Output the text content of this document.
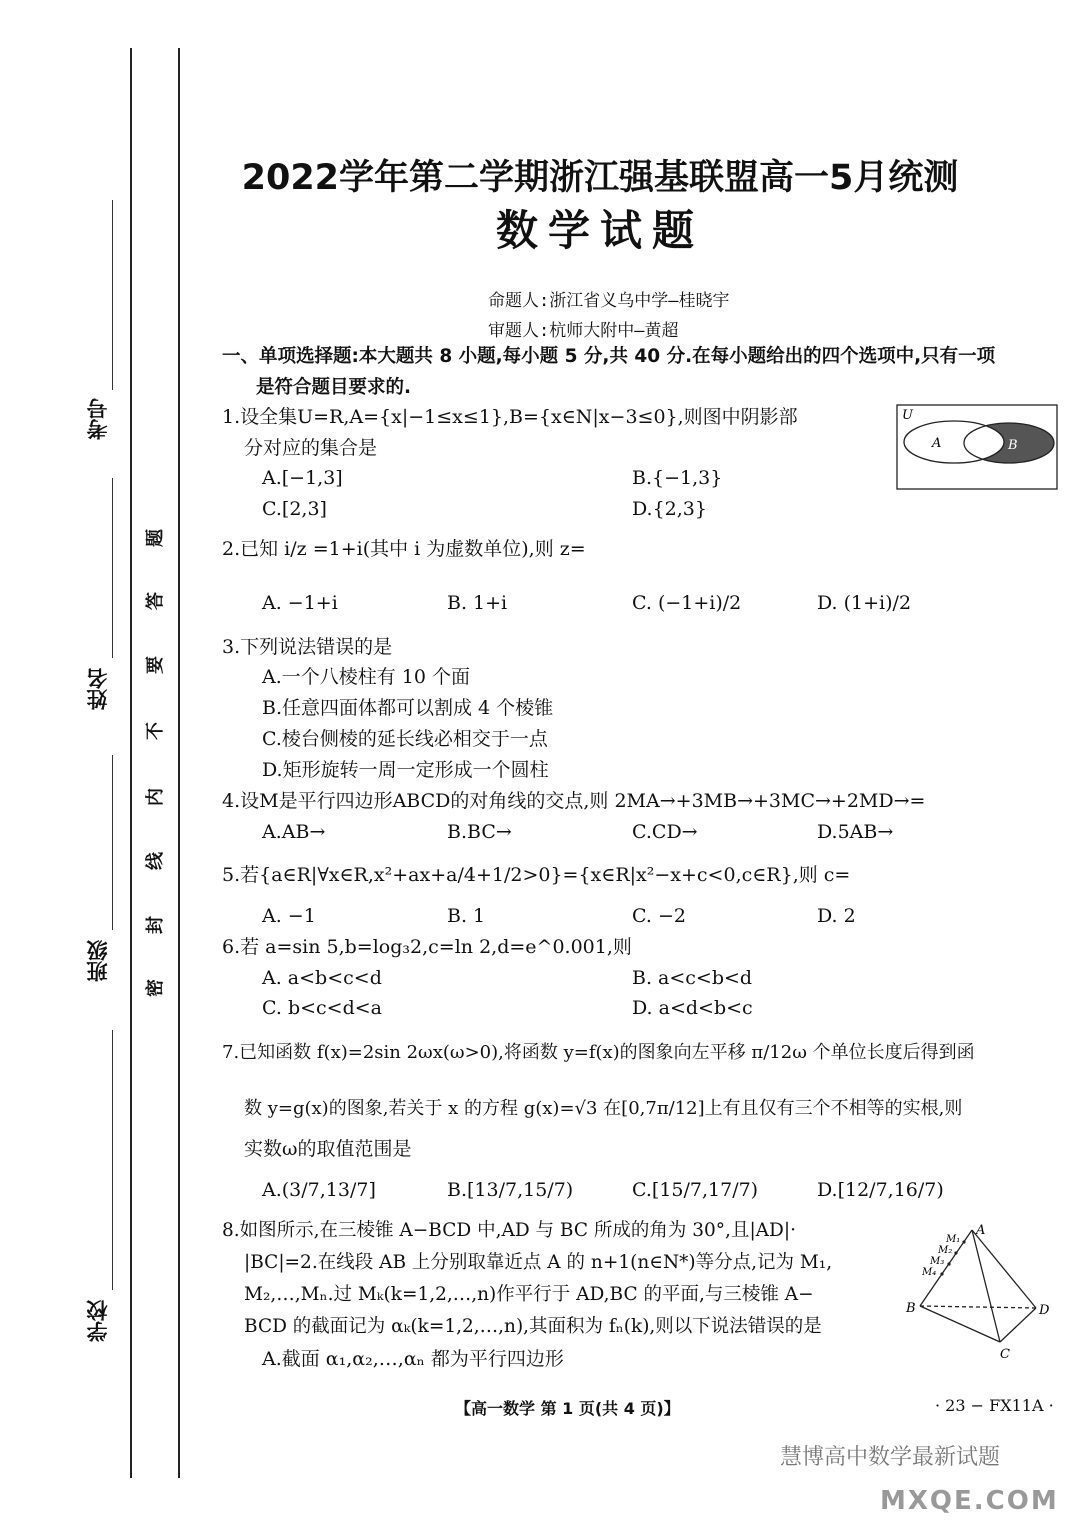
考号
姓名
班级
学校
题
答
要
不
内
线
封
密
2022学年第二学期浙江强基联盟高一5月统测
数学试题
命题人:浙江省义乌中学—桂晓宇
审题人:杭师大附中—黄超
一、单项选择题:本大题共 8 小题,每小题 5 分,共 40 分.在每小题给出的四个选项中,只有一项
是符合题目要求的.
1.设全集U=R,A={x|−1≤x≤1},B={x∈N|x−3≤0},则图中阴影部
分对应的集合是
A.[−1,3]	B.{−1,3}
C.[2,3]	D.{2,3}
U
A	B
2.已知 i/z =1+i(其中 i 为虚数单位),则 z=
A. −1+i	B. 1+i	C. (−1+i)/2	D. (1+i)/2
3.下列说法错误的是
A.一个八棱柱有 10 个面
B.任意四面体都可以割成 4 个棱锥
C.棱台侧棱的延长线必相交于一点
D.矩形旋转一周一定形成一个圆柱
4.设M是平行四边形ABCD的对角线的交点,则 2MA→+3MB→+3MC→+2MD→=
A.AB→	B.BC→	C.CD→	D.5AB→
5.若{a∈R|∀x∈R,x²+ax+a/4+1/2>0}={x∈R|x²−x+c<0,c∈R},则 c=
A. −1	B. 1	C. −2	D. 2
6.若 a=sin 5,b=log₃2,c=ln 2,d=e^0.001,则
A. a<b<c<d	B. a<c<b<d
C. b<c<d<a	D. a<d<b<c
7.已知函数 f(x)=2sin 2ωx(ω>0),将函数 y=f(x)的图象向左平移 π/12ω 个单位长度后得到函
数 y=g(x)的图象,若关于 x 的方程 g(x)=√3 在[0,7π/12]上有且仅有三个不相等的实根,则
实数ω的取值范围是
A.(3/7,13/7]	B.[13/7,15/7)	C.[15/7,17/7)	D.[12/7,16/7)
8.如图所示,在三棱锥 A−BCD 中,AD 与 BC 所成的角为 30°,且|AD|·
|BC|=2.在线段 AB 上分别取靠近点 A 的 n+1(n∈N*)等分点,记为 M₁,
M₂,…,Mₙ.过 Mₖ(k=1,2,…,n)作平行于 AD,BC 的平面,与三棱锥 A−
BCD 的截面记为 αₖ(k=1,2,…,n),其面积为 fₙ(k),则以下说法错误的是
A.截面 α₁,α₂,…,αₙ 都为平行四边形
A
B
C
D
M₁
M₂
M₃
M₄
【高一数学 第 1 页(共 4 页)】	· 23 − FX11A ·
慧博高中数学最新试题
MXQE.COM
